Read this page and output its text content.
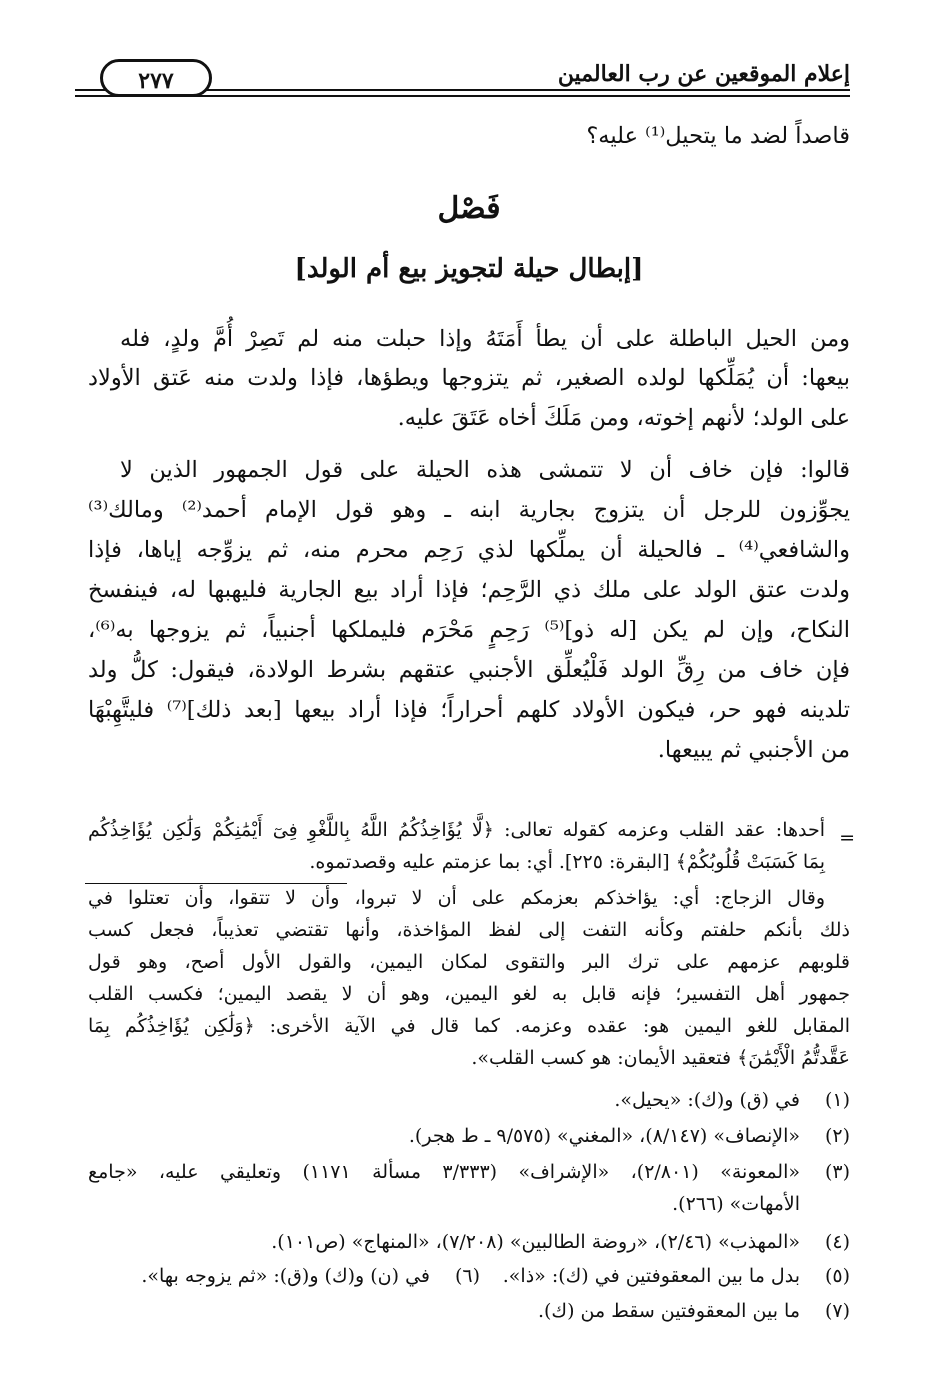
إعلام الموقعين عن رب العالمين
٢٧٧
قاصداً لضد ما يتحيل⁽¹⁾ عليه؟
فَصْل
[إبطال حيلة لتجويز بيع أم الولد]
ومن الحيل الباطلة على أن يطأ أَمَتَهُ وإذا حبلت منه لم تَصِرْ أُمَّ ولدٍ، فله
بيعها: أن يُمَلِّكها لولده الصغير، ثم يتزوجها ويطؤها، فإذا ولدت منه عَتق الأولاد
على الولد؛ لأنهم إخوته، ومن مَلَكَ أخاه عَتَقَ عليه.
قالوا: فإن خاف أن لا تتمشى هذه الحيلة على قول الجمهور الذين لا
يجوِّزون للرجل أن يتزوج بجارية ابنه ـ وهو قول الإمام أحمد⁽²⁾ ومالك⁽³⁾
والشافعي⁽⁴⁾ ـ فالحيلة أن يملِّكها لذي رَحِم محرم منه، ثم يزوِّجه إياها، فإذا
ولدت عتق الولد على ملك ذي الرَّحِم؛ فإذا أراد بيع الجارية فليهبها له، فينفسخ
النكاح، وإن لم يكن [له ذو]⁽⁵⁾ رَحِمٍ مَحْرَم فليملكها أجنبياً، ثم يزوجها به⁽⁶⁾،
فإن خاف من رِقِّ الولد فَلْيُعلِّق الأجنبي عتقهم بشرط الولادة، فيقول: كلُّ ولد
تلدينه فهو حر، فيكون الأولاد كلهم أحراراً؛ فإذا أراد بيعها [بعد ذلك]⁽⁷⁾ فليتَّهِبْهَا
من الأجنبي ثم يبيعها.
=
أحدها: عقد القلب وعزمه كقوله تعالى: ﴿لَّا يُؤَاخِذُكُمُ اللَّهُ بِاللَّغْوِ فِىٓ أَيْمَٰنِكُمْ وَلَٰكِن يُؤَاخِذُكُم
بِمَا كَسَبَتْ قُلُوبُكُمْ﴾ [البقرة: ٢٢٥]. أي: بما عزمتم عليه وقصدتموه.
وقال الزجاج: أي: يؤاخذكم بعزمكم على أن لا تبروا، وأن لا تتقوا، وأن تعتلوا في
ذلك بأنكم حلفتم وكأنه التفت إلى لفظ المؤاخذة، وأنها تقتضي تعذيباً، فجعل كسب
قلوبهم عزمهم على ترك البر والتقوى لمكان اليمين، والقول الأول أصح، وهو قول
جمهور أهل التفسير؛ فإنه قابل به لغو اليمين، وهو أن لا يقصد اليمين؛ فكسب القلب
المقابل للغو اليمين هو: عقده وعزمه. كما قال في الآية الأخرى: ﴿وَلَٰكِن يُؤَاخِذُكُم بِمَا
عَقَّدتُّمُ الْأَيْمَٰنَ﴾ فتعقيد الأيمان: هو كسب القلب».
(١)
في (ق) و(ك): «يحيل».
(٢)
«الإنصاف» (٨/١٤٧)، «المغني» (٩/٥٧٥ ـ ط هجر).
(٣)
«المعونة» (٢/٨٠١)، «الإشراف» (٣/٣٣٣ مسألة ١١٧١) وتعليقي عليه، «جامع
الأمهات» (٢٦٦).
(٤)
«المهذب» (٢/٤٦)، «روضة الطالبين» (٧/٢٠٨)، «المنهاج» (ص١٠١).
(٥)
بدل ما بين المعقوفتين في (ك): «ذا».
(٦)
في (ن) و(ك) و(ق): «ثم يزوجه بها».
(٧)
ما بين المعقوفتين سقط من (ك).
